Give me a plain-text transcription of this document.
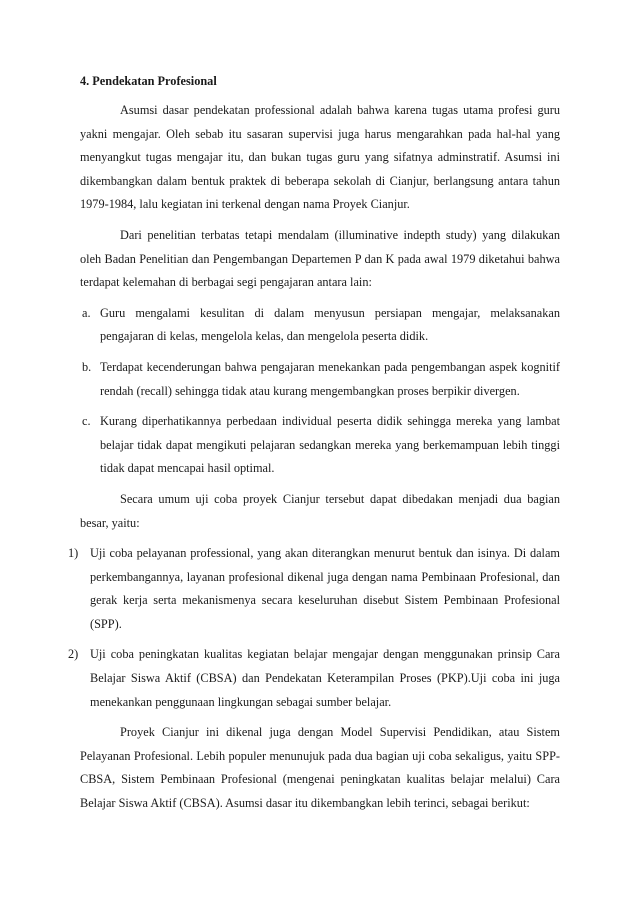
4. Pendekatan Profesional

Asumsi dasar pendekatan professional adalah bahwa karena tugas utama profesi guru yakni mengajar. Oleh sebab itu sasaran supervisi juga harus mengarahkan pada hal-hal yang menyangkut tugas mengajar itu, dan bukan tugas guru yang sifatnya adminstratif. Asumsi ini dikembangkan dalam bentuk praktek di beberapa sekolah di Cianjur, berlangsung antara tahun 1979-1984, lalu kegiatan ini terkenal dengan nama Proyek Cianjur.

Dari penelitian terbatas tetapi mendalam (illuminative indepth study) yang dilakukan oleh Badan Penelitian dan Pengembangan Departemen P dan K pada awal 1979 diketahui bahwa terdapat kelemahan di berbagai segi pengajaran antara lain:

a. Guru mengalami kesulitan di dalam menyusun persiapan mengajar, melaksanakan pengajaran di kelas, mengelola kelas, dan mengelola peserta didik.
b. Terdapat kecenderungan bahwa pengajaran menekankan pada pengembangan aspek kognitif rendah (recall) sehingga tidak atau kurang mengembangkan proses berpikir divergen.
c. Kurang diperhatikannya perbedaan individual peserta didik sehingga mereka yang lambat belajar tidak dapat mengikuti pelajaran sedangkan mereka yang berkemampuan lebih tinggi tidak dapat mencapai hasil optimal.

Secara umum uji coba proyek Cianjur tersebut dapat dibedakan menjadi dua bagian besar, yaitu:

1) Uji coba pelayanan professional, yang akan diterangkan menurut bentuk dan isinya. Di dalam perkembangannya, layanan profesional dikenal juga dengan nama Pembinaan Profesional, dan gerak kerja serta mekanismenya secara keseluruhan disebut Sistem Pembinaan Profesional (SPP).
2) Uji coba peningkatan kualitas kegiatan belajar mengajar dengan menggunakan prinsip Cara Belajar Siswa Aktif (CBSA) dan Pendekatan Keterampilan Proses (PKP).Uji coba ini juga menekankan penggunaan lingkungan sebagai sumber belajar.

Proyek Cianjur ini dikenal juga dengan Model Supervisi Pendidikan, atau Sistem Pelayanan Profesional. Lebih populer menunujuk pada dua bagian uji coba sekaligus, yaitu SPP-CBSA, Sistem Pembinaan Profesional (mengenai peningkatan kualitas belajar melalui) Cara Belajar Siswa Aktif (CBSA). Asumsi dasar itu dikembangkan lebih terinci, sebagai berikut:
